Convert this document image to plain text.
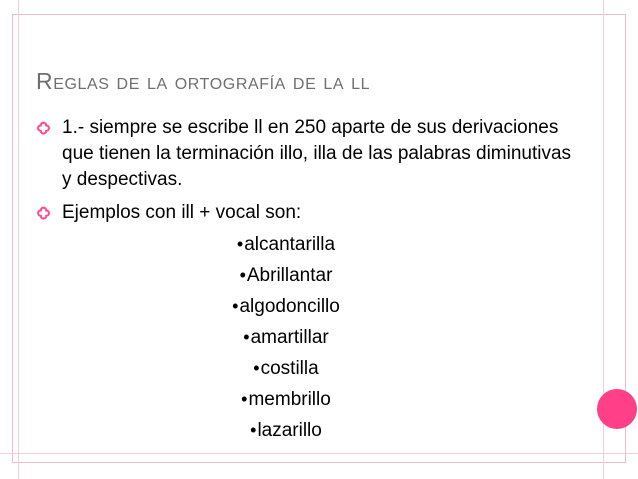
Reglas de la ortografía de la ll
1.- siempre se escribe ll en 250 aparte de sus derivaciones que tienen la terminación illo, illa de las palabras diminutivas y despectivas.
Ejemplos con ill + vocal son:
• alcantarilla
• Abrillantar
• algodoncillo
• amartillar
• costilla
• membrillo
• lazarillo
